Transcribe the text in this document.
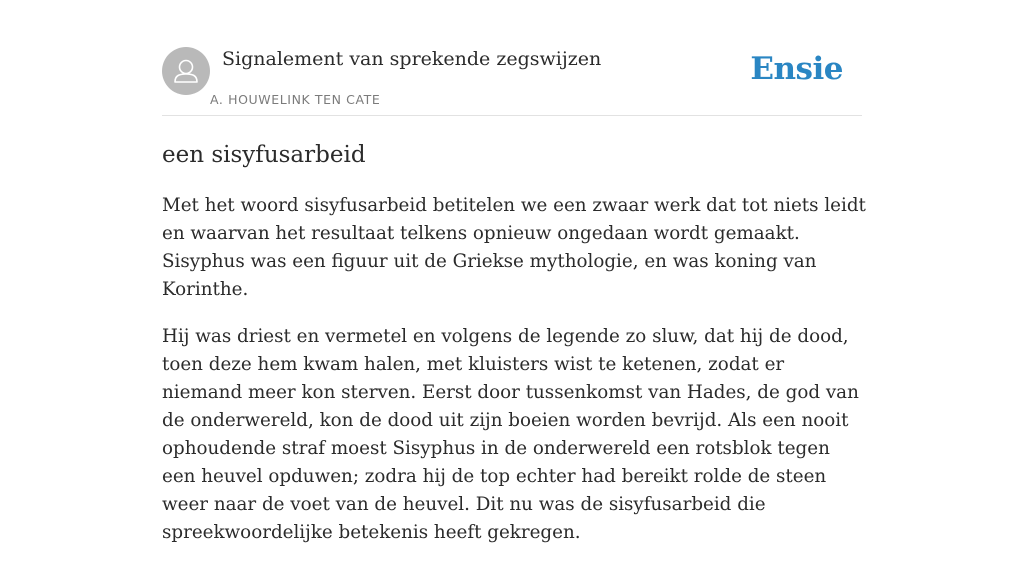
Signalement van sprekende zegswijzen
A. HOUWELINK TEN CATE
Ensie
een sisyfusarbeid

Met het woord sisyfusarbeid betitelen we een zwaar werk dat tot niets leidt en waarvan het resultaat telkens opnieuw ongedaan wordt gemaakt. Sisyphus was een figuur uit de Griekse mythologie, en was koning van Korinthe.

Hij was driest en vermetel en volgens de legende zo sluw, dat hij de dood, toen deze hem kwam halen, met kluisters wist te ketenen, zodat er niemand meer kon sterven. Eerst door tussenkomst van Hades, de god van de onderwereld, kon de dood uit zijn boeien worden bevrijd. Als een nooit ophoudende straf moest Sisyphus in de onderwereld een rotsblok tegen een heuvel opduwen; zodra hij de top echter had bereikt rolde de steen weer naar de voet van de heuvel. Dit nu was de sisyfusarbeid die spreekwoordelijke betekenis heeft gekregen.
